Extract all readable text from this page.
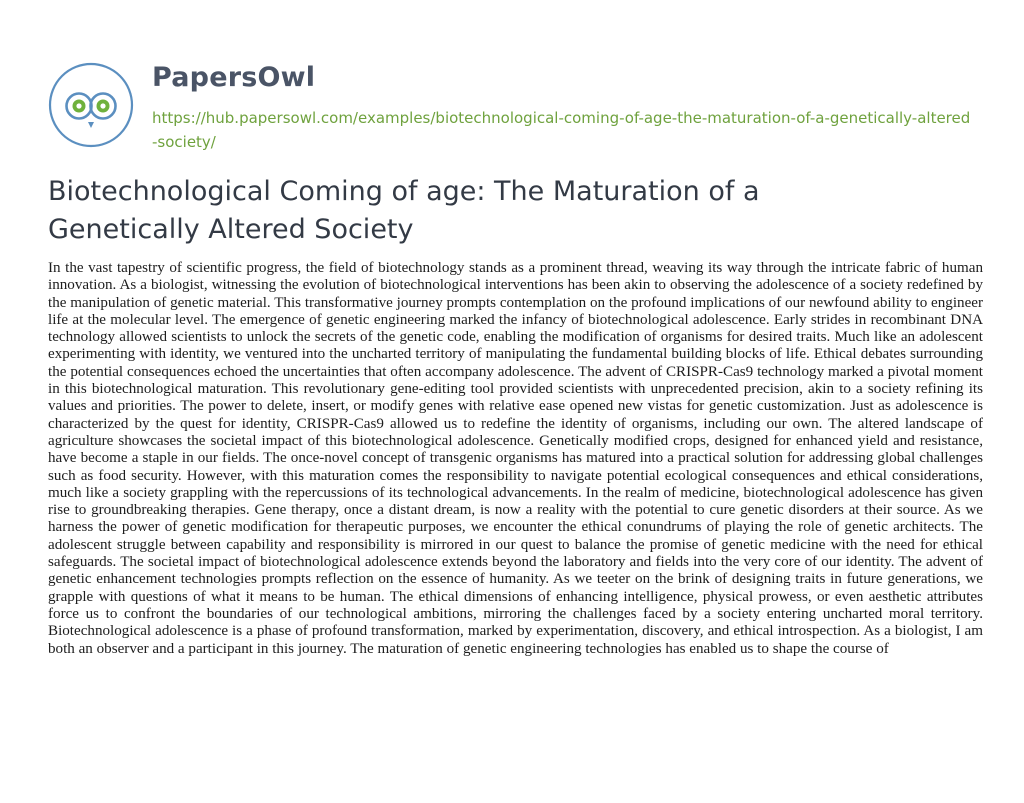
PapersOwl
https://hub.papersowl.com/examples/biotechnological-coming-of-age-the-maturation-of-a-genetically-altered-society/
Biotechnological Coming of age: The Maturation of a Genetically Altered Society

In the vast tapestry of scientific progress, the field of biotechnology stands as a prominent thread, weaving its way through the intricate fabric of human innovation. As a biologist, witnessing the evolution of biotechnological interventions has been akin to observing the adolescence of a society redefined by the manipulation of genetic material. This transformative journey prompts contemplation on the profound implications of our newfound ability to engineer life at the molecular level. The emergence of genetic engineering marked the infancy of biotechnological adolescence. Early strides in recombinant DNA technology allowed scientists to unlock the secrets of the genetic code, enabling the modification of organisms for desired traits. Much like an adolescent experimenting with identity, we ventured into the uncharted territory of manipulating the fundamental building blocks of life. Ethical debates surrounding the potential consequences echoed the uncertainties that often accompany adolescence. The advent of CRISPR-Cas9 technology marked a pivotal moment in this biotechnological maturation. This revolutionary gene-editing tool provided scientists with unprecedented precision, akin to a society refining its values and priorities. The power to delete, insert, or modify genes with relative ease opened new vistas for genetic customization. Just as adolescence is characterized by the quest for identity, CRISPR-Cas9 allowed us to redefine the identity of organisms, including our own. The altered landscape of agriculture showcases the societal impact of this biotechnological adolescence. Genetically modified crops, designed for enhanced yield and resistance, have become a staple in our fields. The once-novel concept of transgenic organisms has matured into a practical solution for addressing global challenges such as food security. However, with this maturation comes the responsibility to navigate potential ecological consequences and ethical considerations, much like a society grappling with the repercussions of its technological advancements. In the realm of medicine, biotechnological adolescence has given rise to groundbreaking therapies. Gene therapy, once a distant dream, is now a reality with the potential to cure genetic disorders at their source. As we harness the power of genetic modification for therapeutic purposes, we encounter the ethical conundrums of playing the role of genetic architects. The adolescent struggle between capability and responsibility is mirrored in our quest to balance the promise of genetic medicine with the need for ethical safeguards. The societal impact of biotechnological adolescence extends beyond the laboratory and fields into the very core of our identity. The advent of genetic enhancement technologies prompts reflection on the essence of humanity. As we teeter on the brink of designing traits in future generations, we grapple with questions of what it means to be human. The ethical dimensions of enhancing intelligence, physical prowess, or even aesthetic attributes force us to confront the boundaries of our technological ambitions, mirroring the challenges faced by a society entering uncharted moral territory. Biotechnological adolescence is a phase of profound transformation, marked by experimentation, discovery, and ethical introspection. As a biologist, I am both an observer and a participant in this journey. The maturation of genetic engineering technologies has enabled us to shape the course of
